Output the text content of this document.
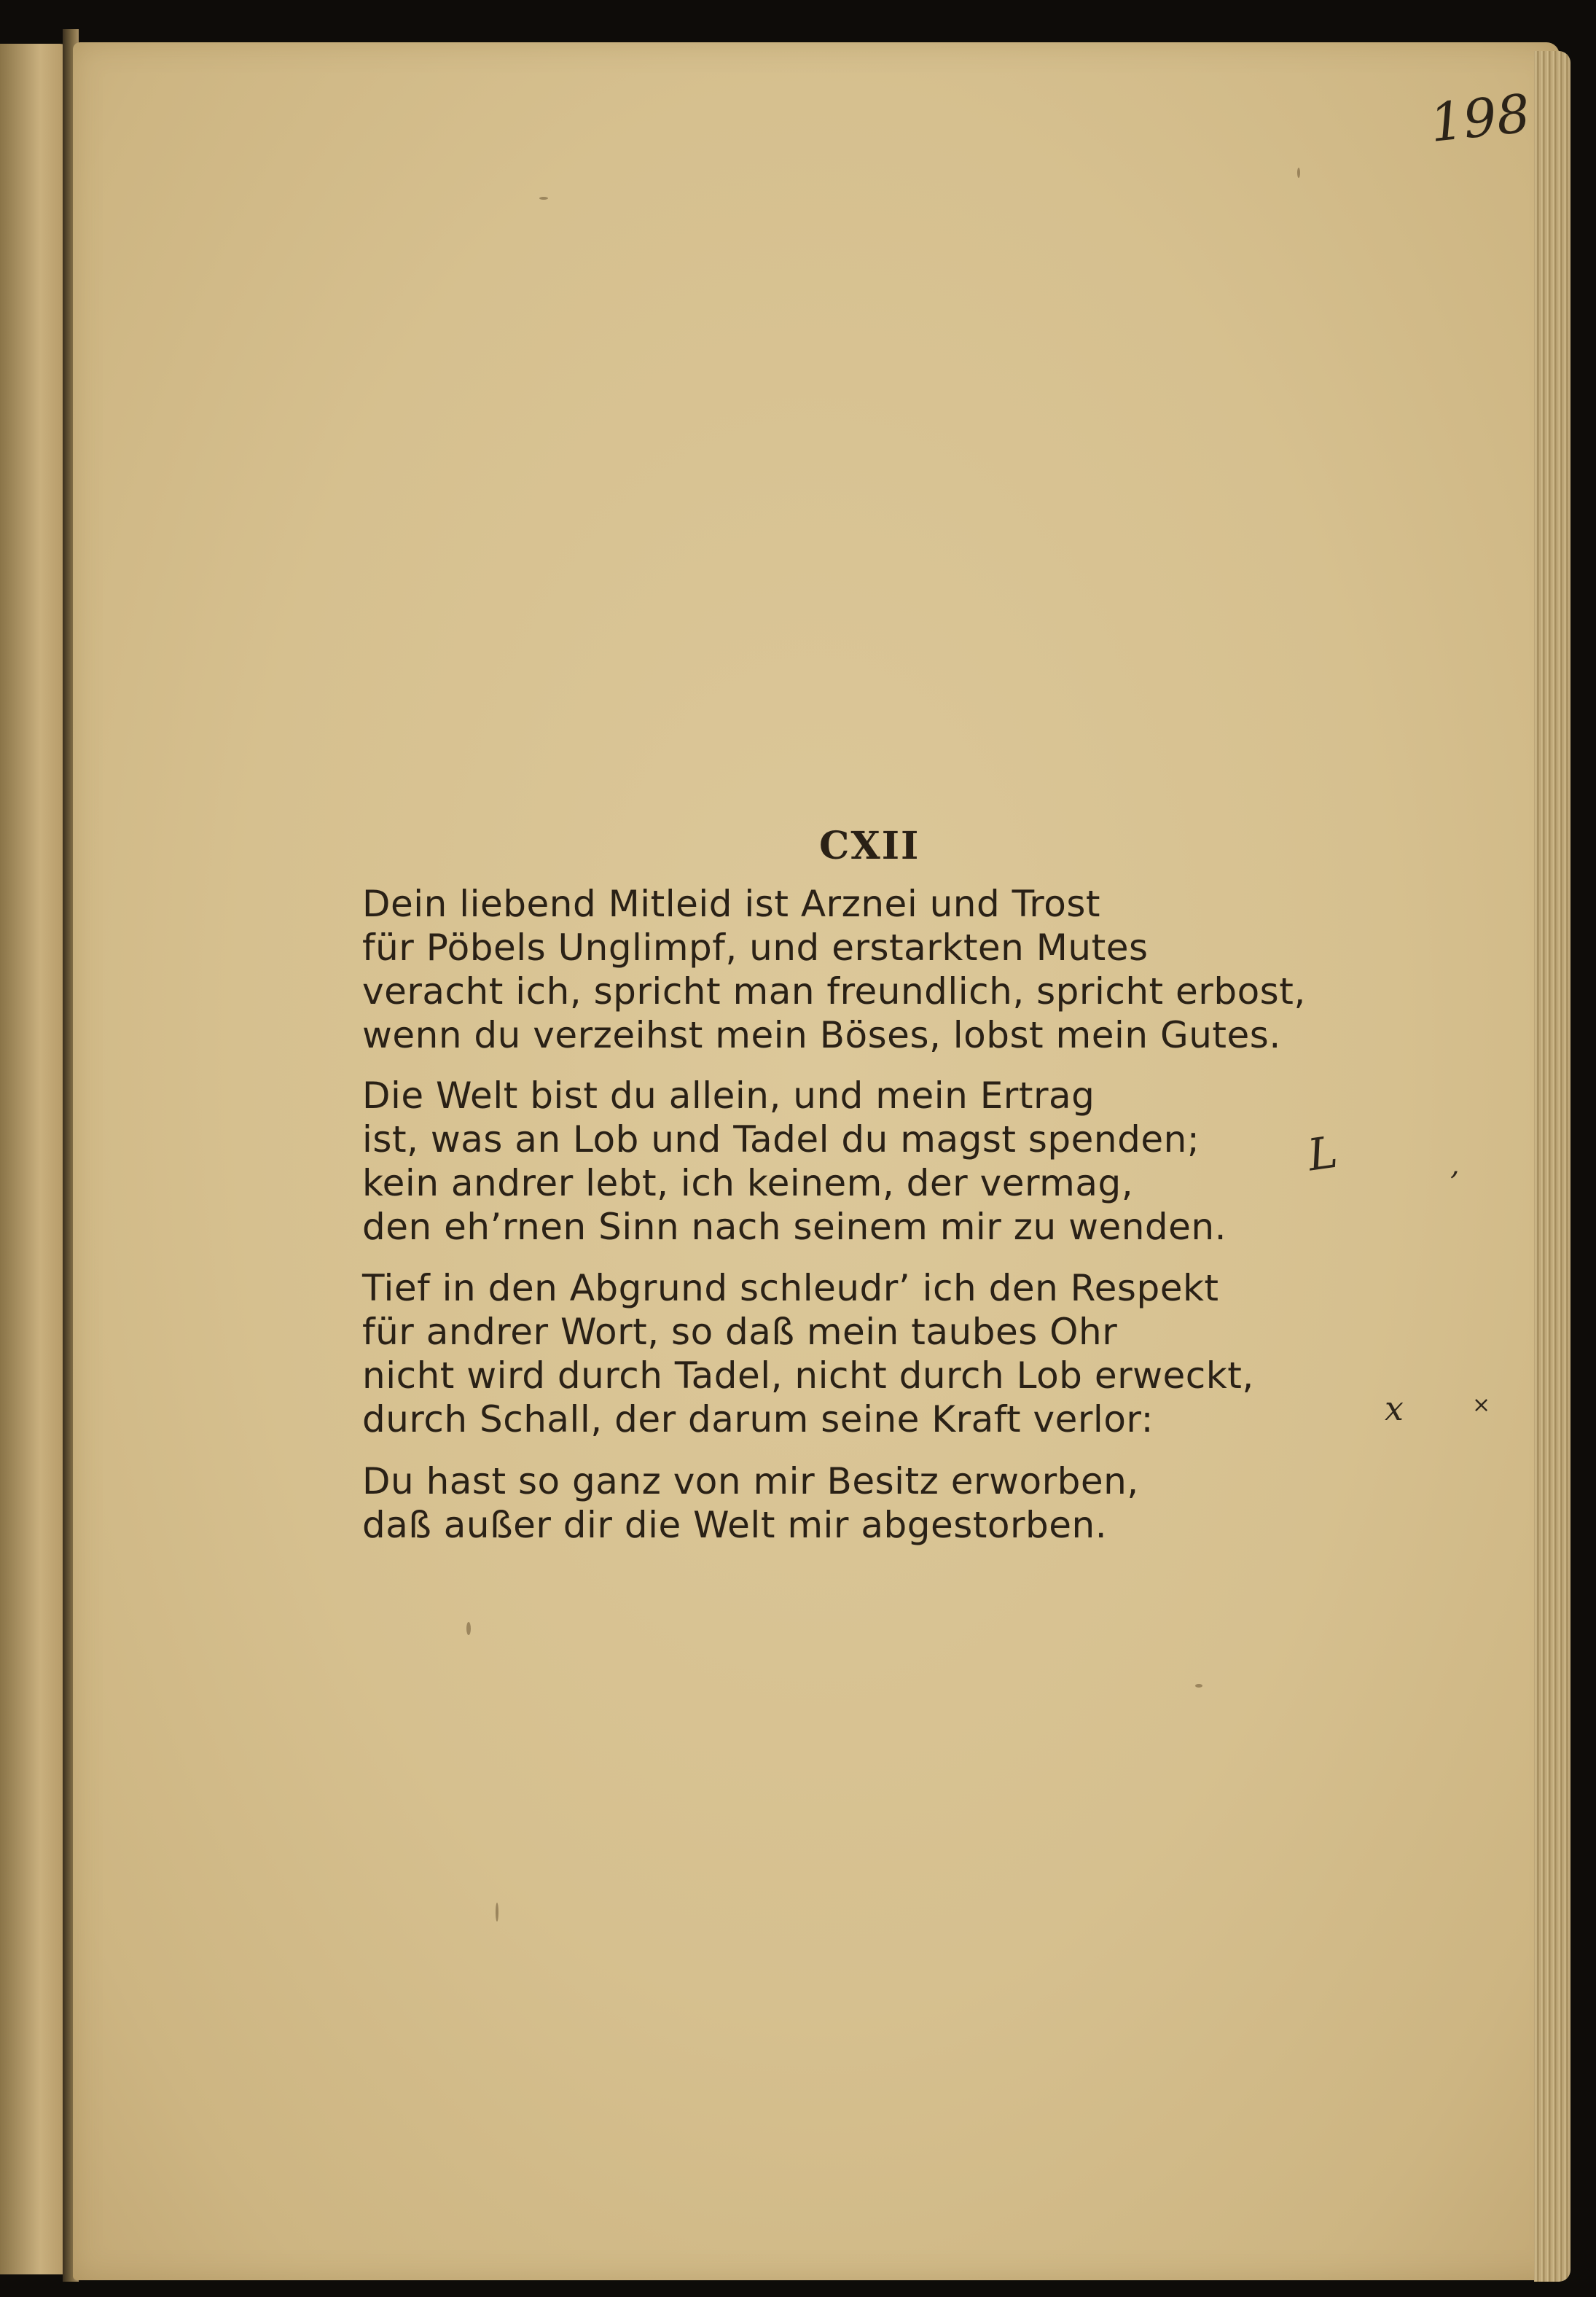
198
CXII
Dein liebend Mitleid ist Arznei und Trost
für Pöbels Unglimpf, und erstarkten Mutes
veracht ich, spricht man freundlich, spricht erbost,
wenn du verzeihst mein Böses, lobst mein Gutes.
Die Welt bist du allein, und mein Ertrag
ist, was an Lob und Tadel du magst spenden;
kein andrer lebt, ich keinem, der vermag,
den eh’rnen Sinn nach seinem mir zu wenden.
Tief in den Abgrund schleudr’ ich den Respekt
für andrer Wort, so daß mein taubes Ohr
nicht wird durch Tadel, nicht durch Lob erweckt,
durch Schall, der darum seine Kraft verlor:
Du hast so ganz von mir Besitz erworben,
daß außer dir die Welt mir abgestorben.
L	,
x	×
